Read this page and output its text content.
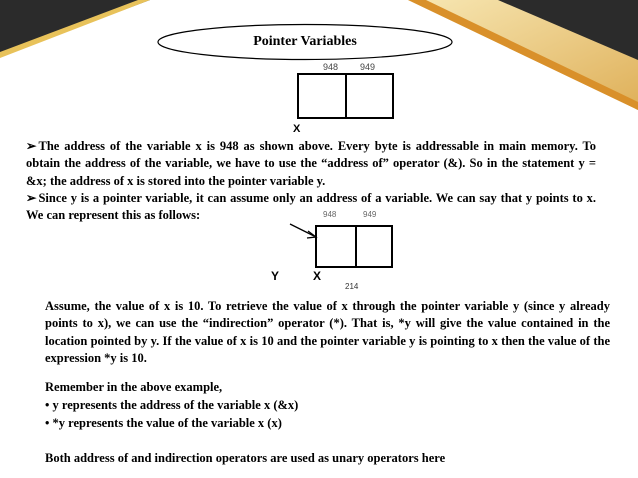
Pointer Variables
948 949
X
➢ The address of the variable x is 948 as shown above. Every byte is addressable in main memory. To obtain the address of the variable, we have to use the “address of” operator (&). So in the statement y = &x; the address of x is stored into the pointer variable y.
➢ Since y is a pointer variable, it can assume only an address of a variable. We can say that y points to x. We can represent this as follows:	948	949
Y	X
214
Assume, the value of x is 10. To retrieve the value of x through the pointer variable y (since y already points to x), we can use the “indirection” operator (*). That is, *y will give the value contained in the location pointed by y. If the value of x is 10 and the pointer variable y is pointing to x then the value of the expression *y is 10.
Remember in the above example,
• y represents the address of the variable x (&x)
• *y represents the value of the variable x (x)
Both address of and indirection operators are used as unary operators here
